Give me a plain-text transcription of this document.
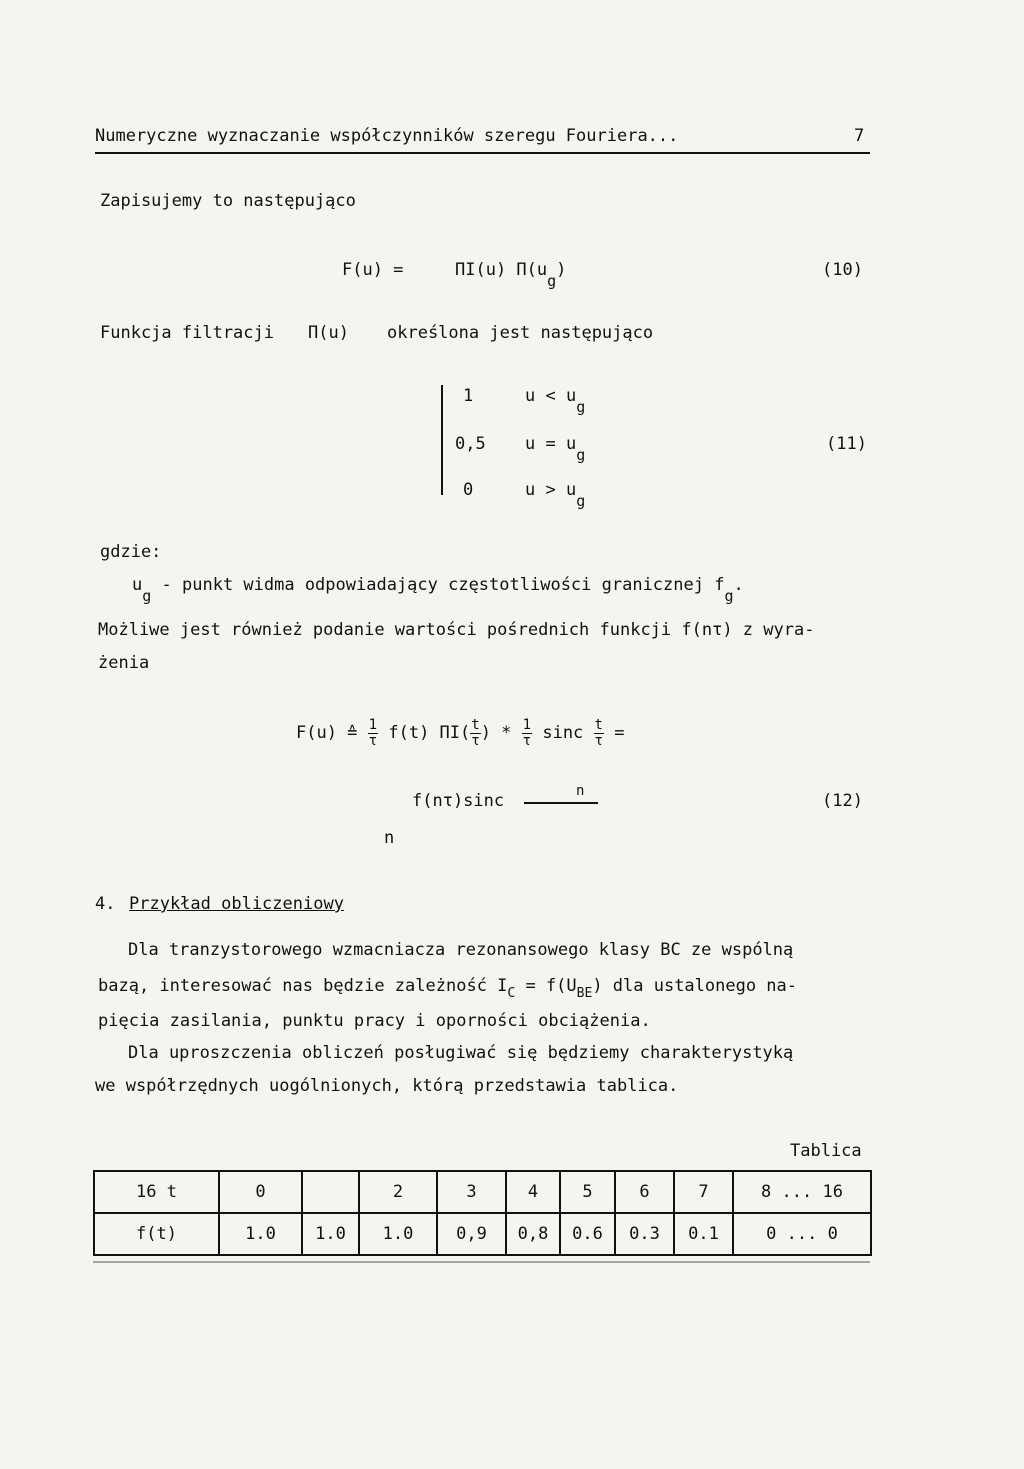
Numeryczne wyznaczanie współczynników szeregu Fouriera...	7
Zapisujemy to następująco
F(u) =	ΠΙ(u) Π(ug)	(10)
Funkcja filtracji Π(u) określona jest następująco
1	u < ug
0,5 u = ug
0	u > ug
(11)
gdzie:
ug - punkt widma odpowiadający częstotliwości granicznej fg.
Możliwe jest również podanie wartości pośrednich funkcji f(nτ) z wyra-
żenia
F(u) ≙ $\frac{1}{\tau} f(t)$ $\Pi I( \frac{t}{\tau}$ ) * $\frac{1}{\tau}$ sinc $\frac{t}{\tau}$ =
f(nτ)sinc	n
n
(12)
4. Przykład obliczeniowy
Dla tranzystorowego wzmacniacza rezonansowego klasy BC ze wspólną
bazą, interesować nas będzie zależność $I_C = f(U_{BE})$ dla ustalonego na-
pięcia zasilania, punktu pracy i oporności obciążenia.
Dla uproszczenia obliczeń posługiwać się będziemy charakterystyką
we współrzędnych uogólnionych, którą przedstawia tablica.
Tablica
16 t	0		2	3	4	5	6	7	8 ... 16
f(t)	1.0	1.0	1.0	0,9	0,8	0.6	0.3	0.1	0 ... 0
